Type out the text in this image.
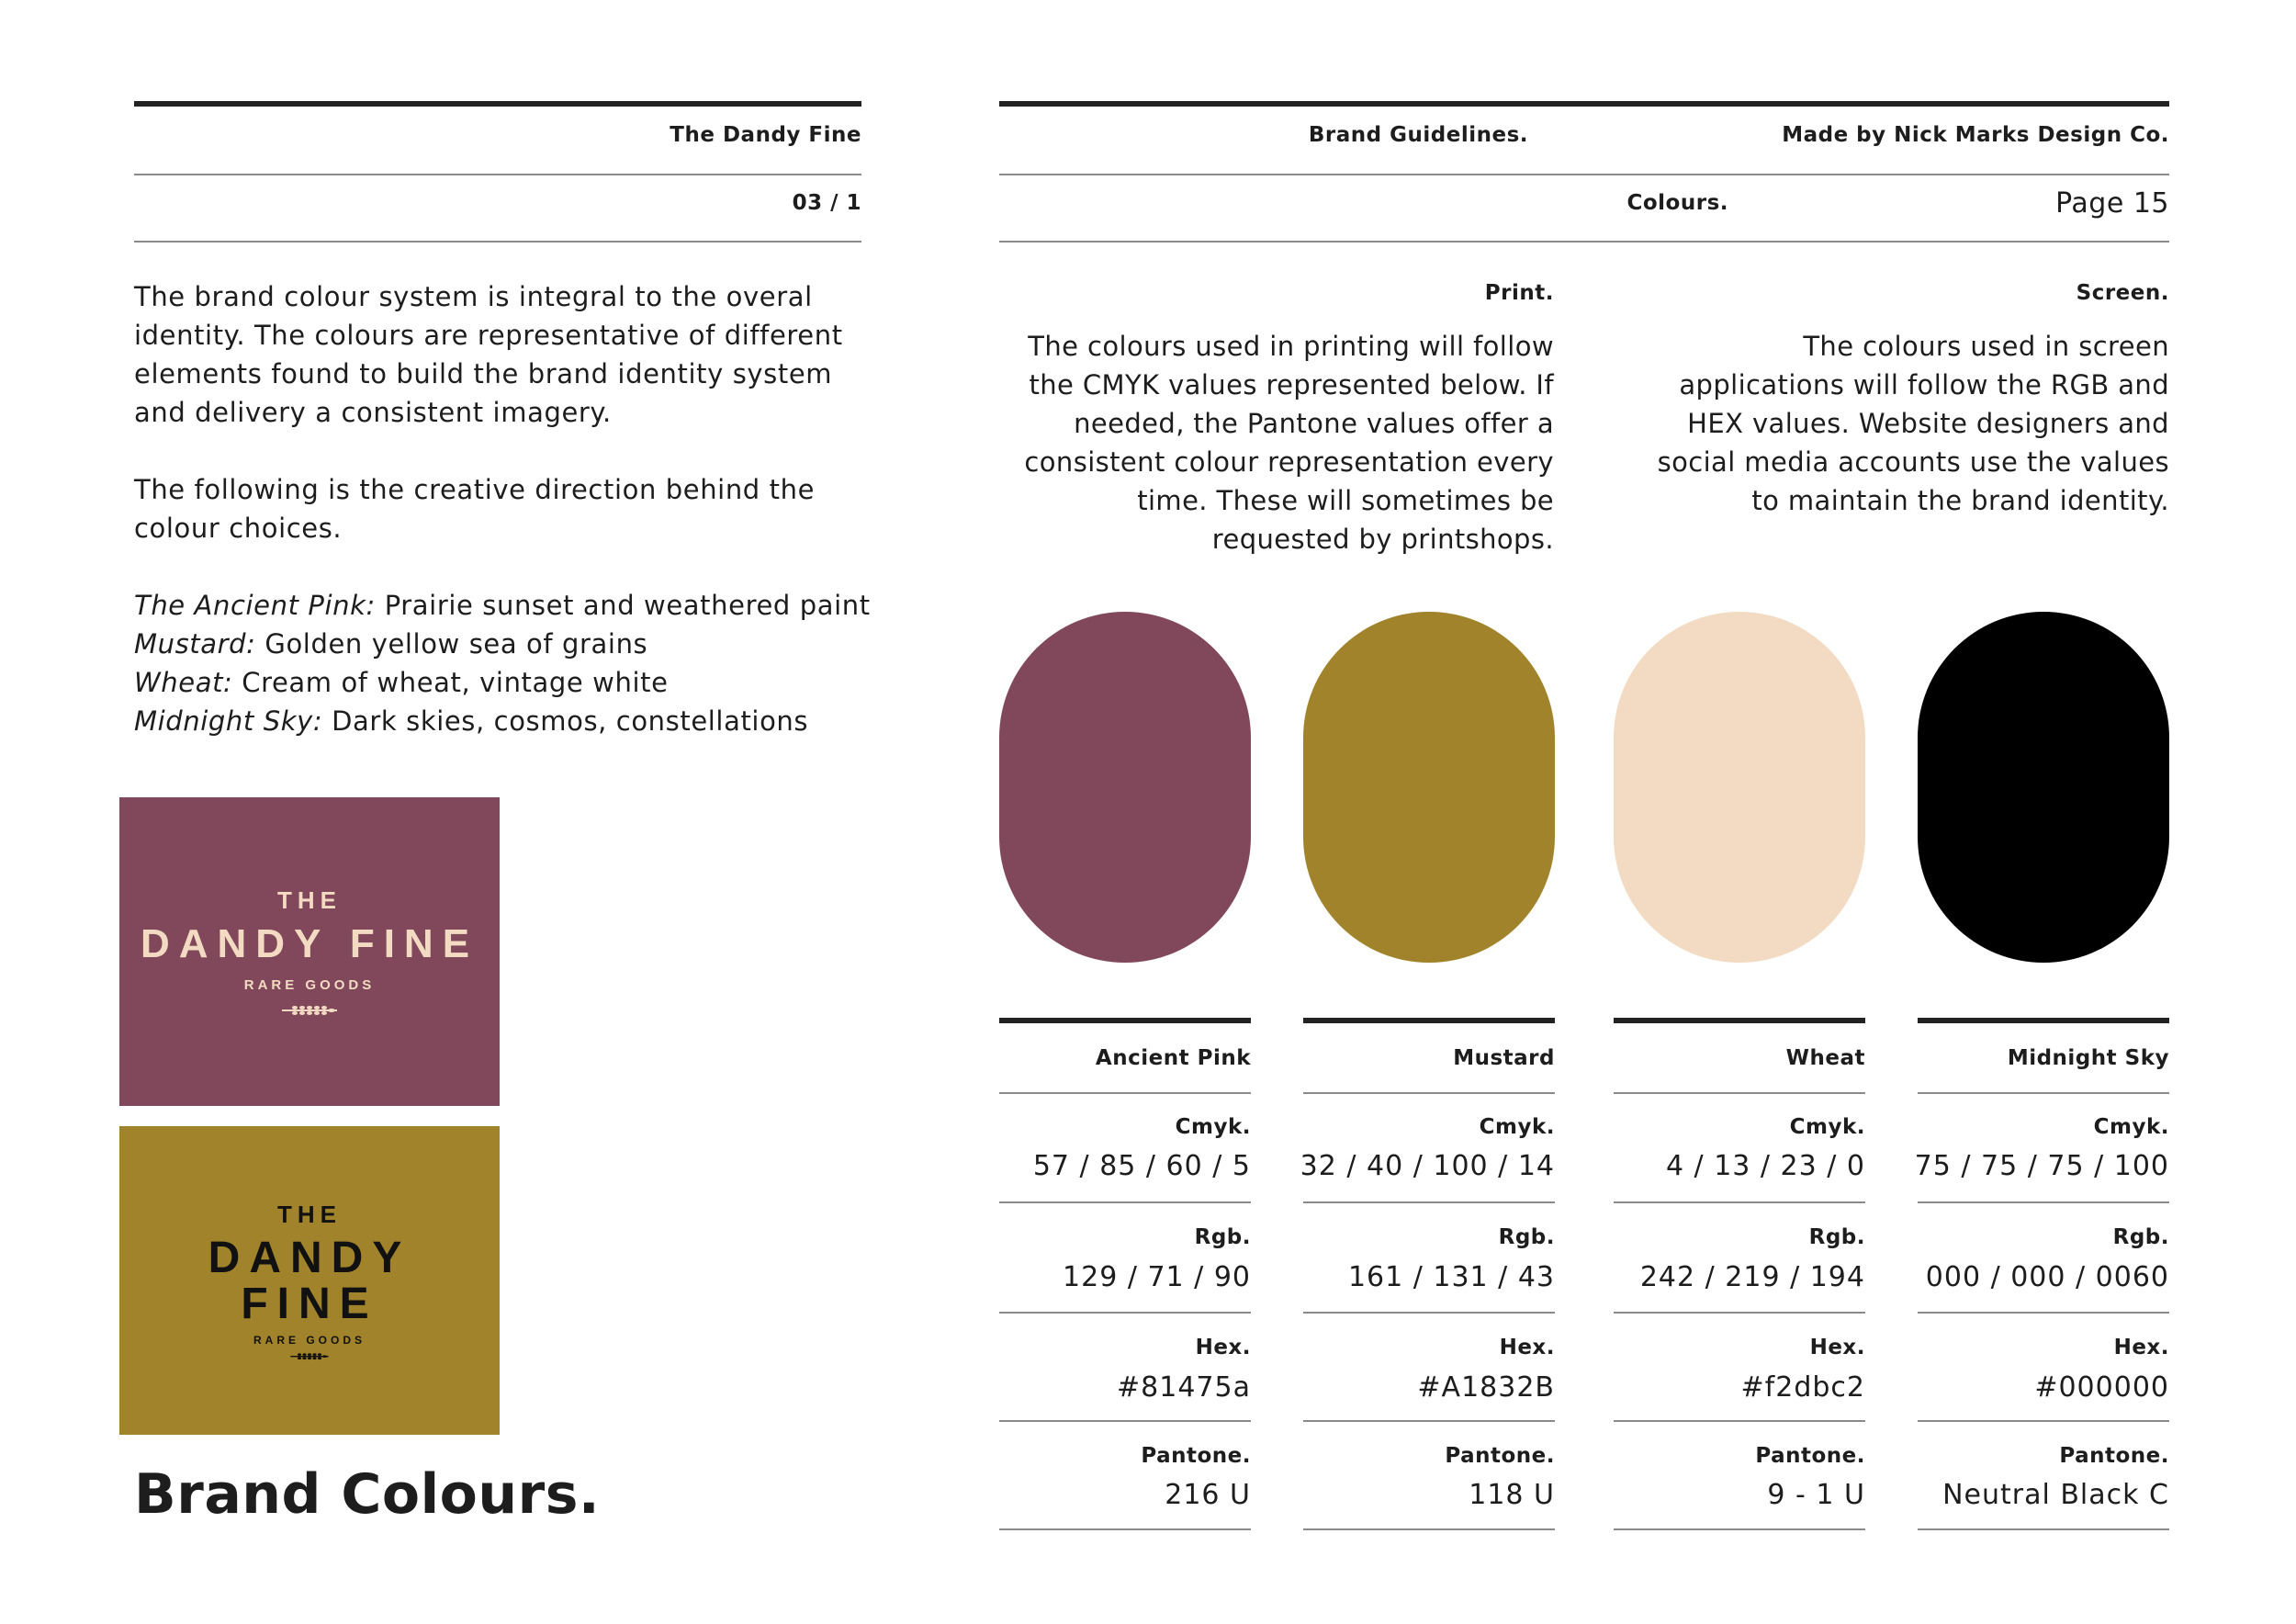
The Dandy Fine
03 / 1

The brand colour system is integral to the overal identity. The colours are representative of different elements found to build the brand identity system and delivery a consistent imagery.

The following is the creative direction behind the colour choices.

The Ancient Pink: Prairie sunset and weathered paint
Mustard: Golden yellow sea of grains
Wheat: Cream of wheat, vintage white
Midnight Sky: Dark skies, cosmos, constellations
THE
DANDY FINE
RARE GOODS
THE
DANDY
FINE
RARE GOODS
Brand Colours.
Brand Guidelines.	Made by Nick Marks Design Co.
Colours.	Page 15
Print.
The colours used in printing will follow the CMYK values represented below. If needed, the Pantone values offer a consistent colour representation every time. These will sometimes be requested by printshops.
Screen.
The colours used in screen applications will follow the RGB and HEX values. Website designers and social media accounts use the values to maintain the brand identity.
Ancient Pink
Cmyk.
57 / 85 / 60 / 5
Rgb.
129 / 71 / 90
Hex.
#81475a
Pantone.
216 U
Mustard
Cmyk.
32 / 40 / 100 / 14
Rgb.
161 / 131 / 43
Hex.
#A1832B
Pantone.
118 U
Wheat
Cmyk.
4 / 13 / 23 / 0
Rgb.
242 / 219 / 194
Hex.
#f2dbc2
Pantone.
9 - 1 U
Midnight Sky
Cmyk.
75 / 75 / 75 / 100
Rgb.
000 / 000 / 0060
Hex.
#000000
Pantone.
Neutral Black C
